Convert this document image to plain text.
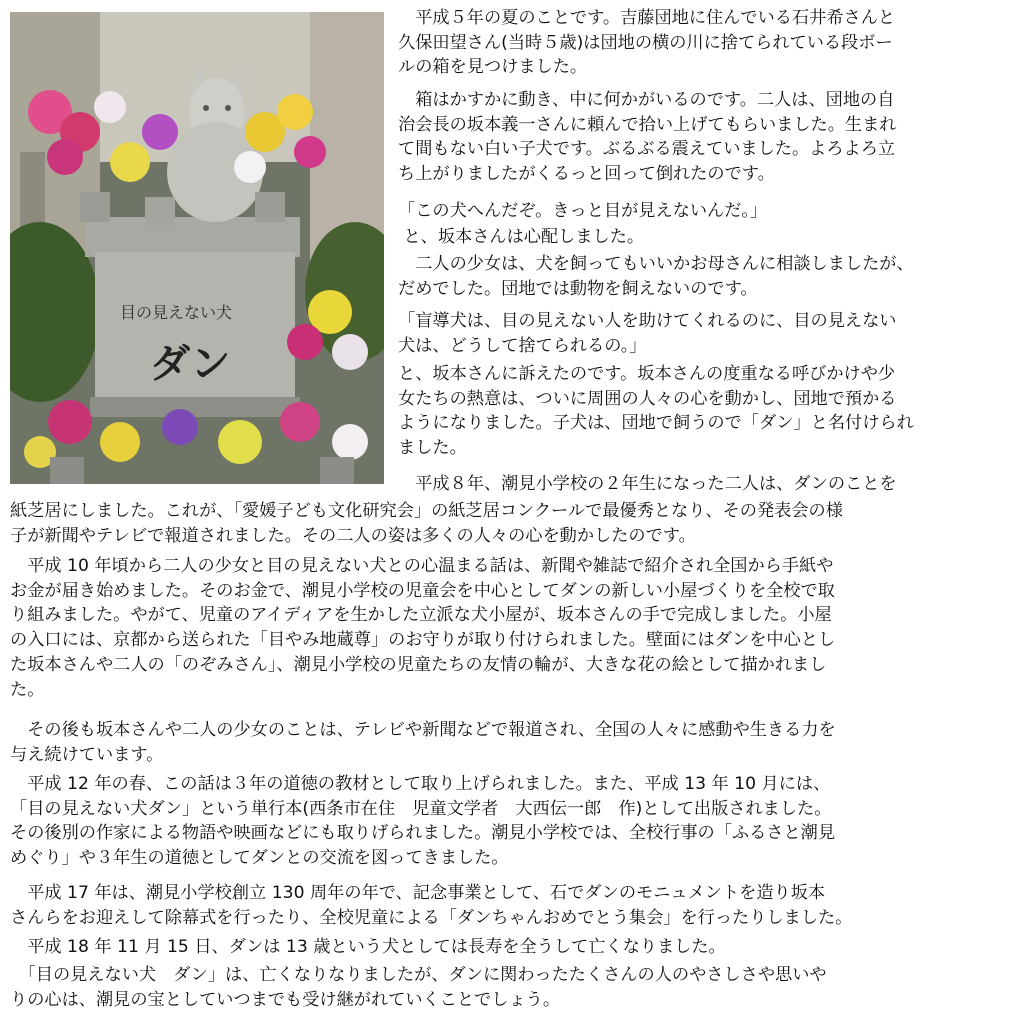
目の見えない犬
ダン

　平成５年の夏のことです。吉藤団地に住んでいる石井希さんと
久保田望さん(当時５歳)は団地の横の川に捨てられている段ボー
ルの箱を見つけました。

　箱はかすかに動き、中に何かがいるのです。二人は、団地の自
治会長の坂本義一さんに頼んで拾い上げてもらいました。生まれ
て間もない白い子犬です。ぶるぶる震えていました。よろよろ立
ち上がりましたがくるっと回って倒れたのです。

「この犬へんだぞ。きっと目が見えないんだ。」

と、坂本さんは心配しました。

　二人の少女は、犬を飼ってもいいかお母さんに相談しましたが、
だめでした。団地では動物を飼えないのです。

「盲導犬は、目の見えない人を助けてくれるのに、目の見えない
犬は、どうして捨てられるの。」

と、坂本さんに訴えたのです。坂本さんの度重なる呼びかけや少
女たちの熱意は、ついに周囲の人々の心を動かし、団地で預かる
ようになりました。子犬は、団地で飼うので「ダン」と名付けられ
ました。

　平成８年、潮見小学校の２年生になった二人は、ダンのことを

紙芝居にしました。これが、「愛媛子ども文化研究会」の紙芝居コンクールで最優秀となり、その発表会の様
子が新聞やテレビで報道されました。その二人の姿は多くの人々の心を動かしたのです。

　平成 10 年頃から二人の少女と目の見えない犬との心温まる話は、新聞や雑誌で紹介され全国から手紙や
お金が届き始めました。そのお金で、潮見小学校の児童会を中心としてダンの新しい小屋づくりを全校で取
り組みました。やがて、児童のアイディアを生かした立派な犬小屋が、坂本さんの手で完成しました。小屋
の入口には、京都から送られた「目やみ地蔵尊」のお守りが取り付けられました。壁面にはダンを中心とし
た坂本さんや二人の「のぞみさん」、潮見小学校の児童たちの友情の輪が、大きな花の絵として描かれまし
た。

　その後も坂本さんや二人の少女のことは、テレビや新聞などで報道され、全国の人々に感動や生きる力を
与え続けています。

　平成 12 年の春、この話は３年の道徳の教材として取り上げられました。また、平成 13 年 10 月には、
「目の見えない犬ダン」という単行本(西条市在住　児童文学者　大西伝一郎　作)として出版されました。
その後別の作家による物語や映画などにも取りげられました。潮見小学校では、全校行事の「ふるさと潮見
めぐり」や３年生の道徳としてダンとの交流を図ってきました。

　平成 17 年は、潮見小学校創立 130 周年の年で、記念事業として、石でダンのモニュメントを造り坂本
さんらをお迎えして除幕式を行ったり、全校児童による「ダンちゃんおめでとう集会」を行ったりしました。

　平成 18 年 11 月 15 日、ダンは 13 歳という犬としては長寿を全うして亡くなりました。

　「目の見えない犬　ダン」は、亡くなりなりましたが、ダンに関わったたくさんの人のやさしさや思いや
りの心は、潮見の宝としていつまでも受け継がれていくことでしょう。
